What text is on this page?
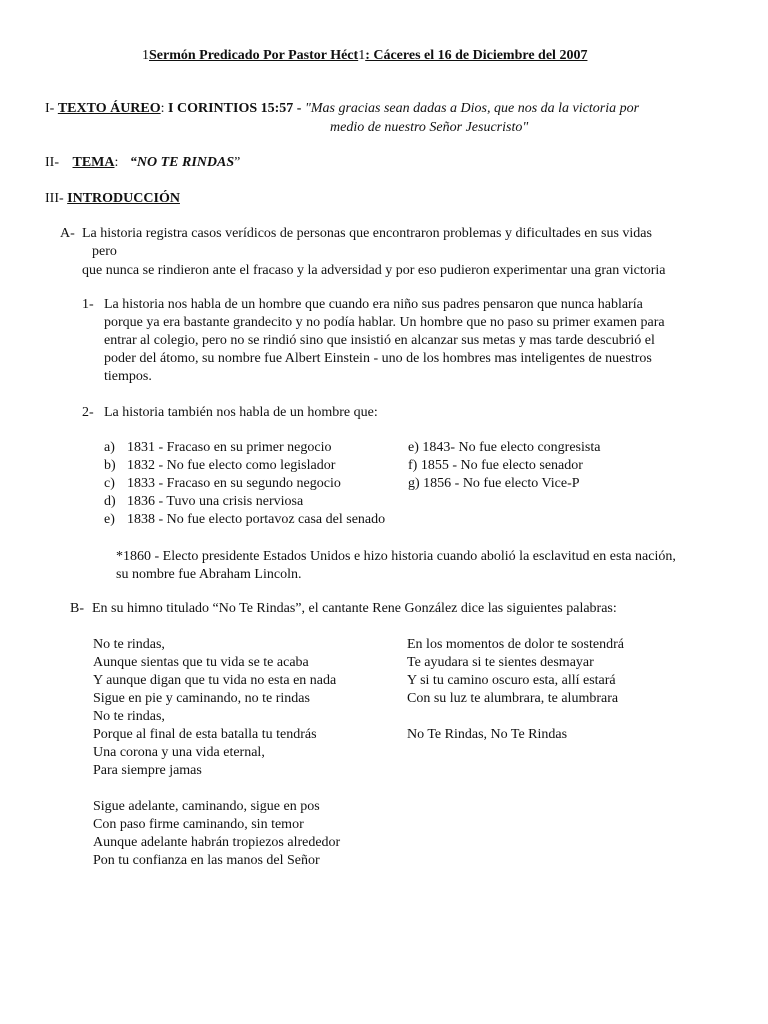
1Sermón Predicado Por Pastor Héct1: Cáceres el 16 de Diciembre del 2007
I- TEXTO ÁUREO: I CORINTIOS 15:57 - "Mas gracias sean dadas a Dios, que nos da la victoria por
medio de nuestro Señor Jesucristo"
II- TEMA: “NO TE RINDAS”
III- INTRODUCCIÓN
A- La historia registra casos verídicos de personas que encontraron problemas y dificultades en sus vidas
pero
que nunca se rindieron ante el fracaso y la adversidad y por eso pudieron experimentar una gran victoria
1- La historia nos habla de un hombre que cuando era niño sus padres pensaron que nunca hablaría
porque ya era bastante grandecito y no podía hablar. Un hombre que no paso su primer examen para
entrar al colegio, pero no se rindió sino que insistió en alcanzar sus metas y mas tarde descubrió el
poder del átomo, su nombre fue Albert Einstein - uno de los hombres mas inteligentes de nuestros
tiempos.
2- La historia también nos habla de un hombre que:
a) 1831 - Fracaso en su primer negocio
b) 1832 - No fue electo como legislador
c) 1833 - Fracaso en su segundo negocio
d) 1836 - Tuvo una crisis nerviosa
e) 1838 - No fue electo portavoz casa del senado
e) 1843- No fue electo congresista
f) 1855 - No fue electo senador
g) 1856 - No fue electo Vice-P
*1860 - Electo presidente Estados Unidos e hizo historia cuando abolió la esclavitud en esta nación,
su nombre fue Abraham Lincoln.
B- En su himno titulado “No Te Rindas”, el cantante Rene González dice las siguientes palabras:
No te rindas,
Aunque sientas que tu vida se te acaba
Y aunque digan que tu vida no esta en nada
Sigue en pie y caminando, no te rindas
No te rindas,
Porque al final de esta batalla tu tendrás
Una corona y una vida eternal,
Para siempre jamas
Sigue adelante, caminando, sigue en pos
Con paso firme caminando, sin temor
Aunque adelante habrán tropiezos alrededor
Pon tu confianza en las manos del Señor
En los momentos de dolor te sostendrá
Te ayudara si te sientes desmayar
Y si tu camino oscuro esta, allí estará
Con su luz te alumbrara, te alumbrara
No Te Rindas, No Te Rindas
